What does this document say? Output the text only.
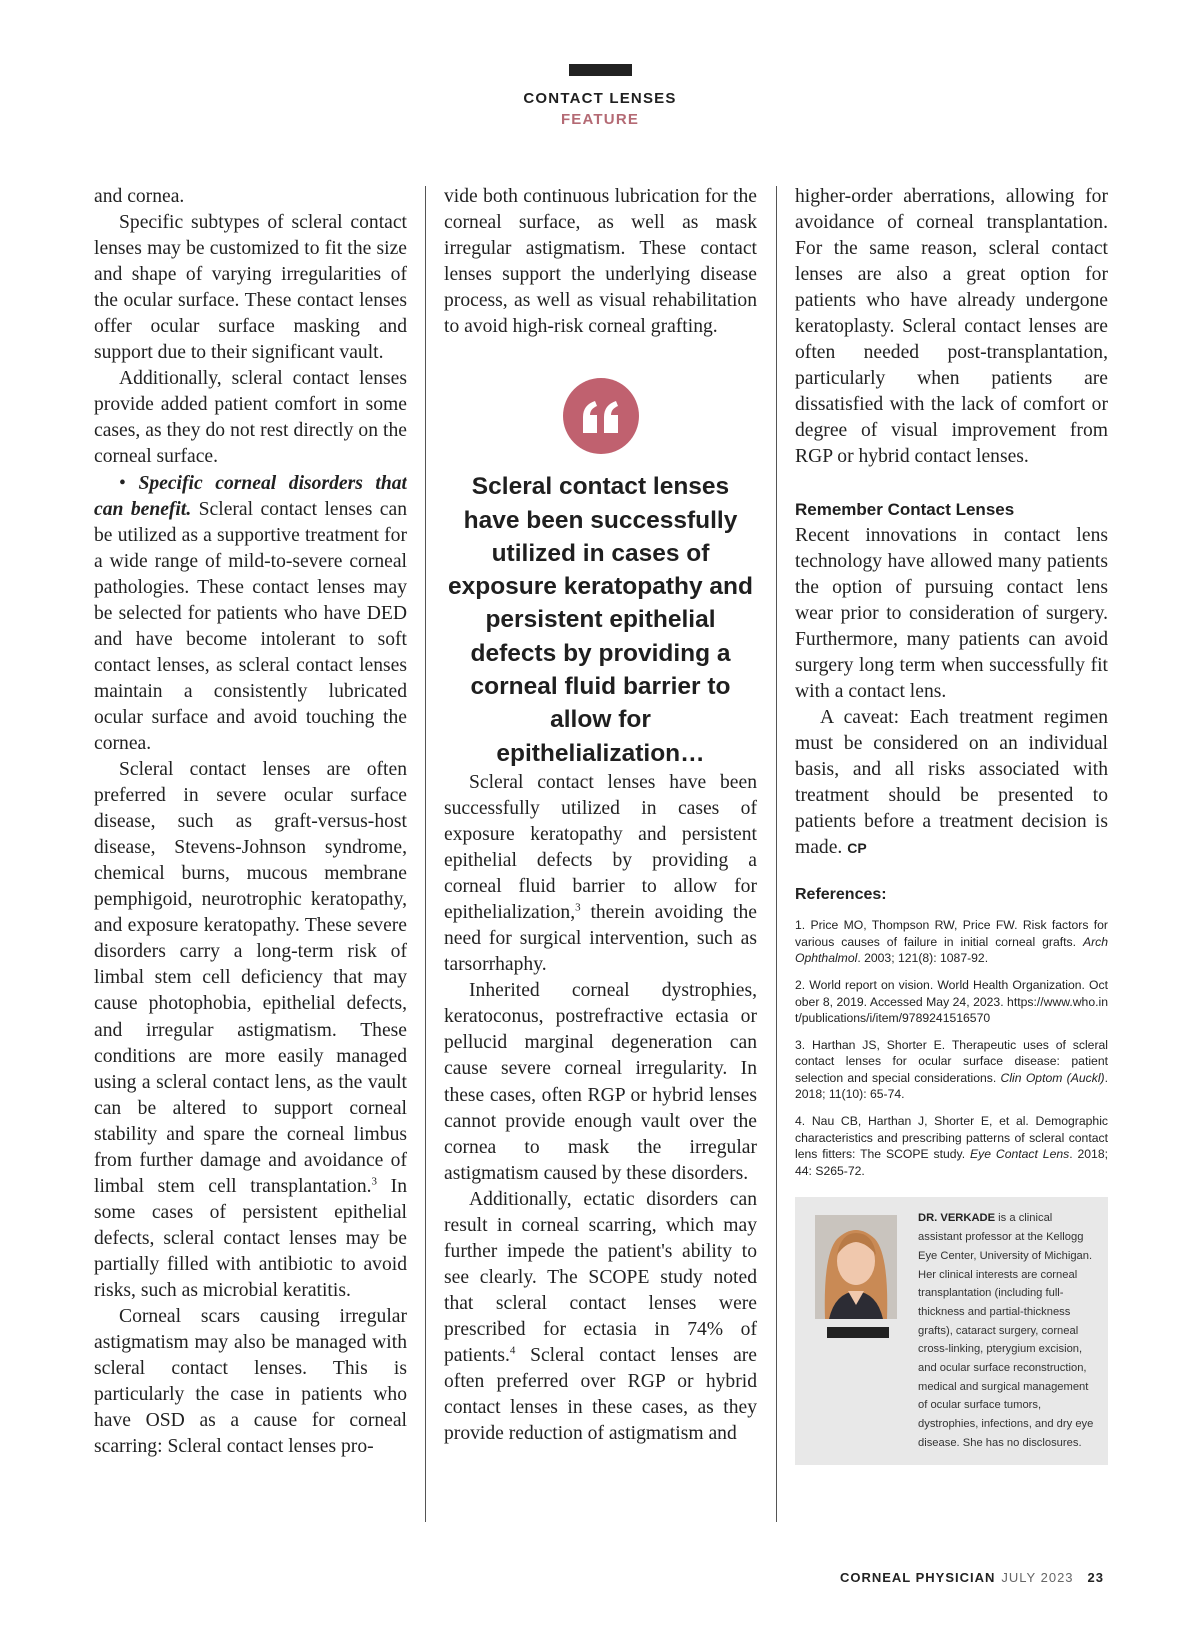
CONTACT LENSES
FEATURE

and cornea.

Specific subtypes of scleral contact lenses may be customized to fit the size and shape of varying irregularities of the ocular surface. These contact lenses offer ocular surface masking and support due to their significant vault.

Additionally, scleral contact lenses provide added patient comfort in some cases, as they do not rest directly on the corneal surface.

• Specific corneal disorders that can benefit. Scleral contact lenses can be utilized as a supportive treatment for a wide range of mild-to-severe corneal pathologies. These contact lenses may be selected for patients who have DED and have become intolerant to soft contact lenses, as scleral contact lenses maintain a consistently lubricated ocular surface and avoid touching the cornea.

Scleral contact lenses are often preferred in severe ocular surface disease, such as graft-versus-host disease, Stevens-Johnson syndrome, chemical burns, mucous membrane pemphigoid, neurotrophic keratopathy, and exposure keratopathy. These severe disorders carry a long-term risk of limbal stem cell deficiency that may cause photophobia, epithelial defects, and irregular astigmatism. These conditions are more easily managed using a scleral contact lens, as the vault can be altered to support corneal stability and spare the corneal limbus from further damage and avoidance of limbal stem cell transplantation.$^3$ In some cases of persistent epithelial defects, scleral contact lenses may be partially filled with antibiotic to avoid risks, such as microbial keratitis.

Corneal scars causing irregular astigmatism may also be managed with scleral contact lenses. This is particularly the case in patients who have OSD as a cause for corneal scarring: Scleral contact lenses pro-

vide both continuous lubrication for the corneal surface, as well as mask irregular astigmatism. These contact lenses support the underlying disease process, as well as visual rehabilitation to avoid high-risk corneal grafting.

Scleral contact lenses have been successfully utilized in cases of exposure keratopathy and persistent epithelial defects by providing a corneal fluid barrier to allow for epithelialization…

Scleral contact lenses have been successfully utilized in cases of exposure keratopathy and persistent epithelial defects by providing a corneal fluid barrier to allow for epithelialization,$^3$ therein avoiding the need for surgical intervention, such as tarsorrhaphy.

Inherited corneal dystrophies, keratoconus, postrefractive ectasia or pellucid marginal degeneration can cause severe corneal irregularity. In these cases, often RGP or hybrid lenses cannot provide enough vault over the cornea to mask the irregular astigmatism caused by these disorders.

Additionally, ectatic disorders can result in corneal scarring, which may further impede the patient's ability to see clearly. The SCOPE study noted that scleral contact lenses were prescribed for ectasia in 74% of patients.$^4$ Scleral contact lenses are often preferred over RGP or hybrid contact lenses in these cases, as they provide reduction of astigmatism and

higher-order aberrations, allowing for avoidance of corneal transplantation. For the same reason, scleral contact lenses are also a great option for patients who have already undergone keratoplasty. Scleral contact lenses are often needed post-transplantation, particularly when patients are dissatisfied with the lack of comfort or degree of visual improvement from RGP or hybrid contact lenses.

Remember Contact Lenses

Recent innovations in contact lens technology have allowed many patients the option of pursuing contact lens wear prior to consideration of surgery. Furthermore, many patients can avoid surgery long term when successfully fit with a contact lens.

A caveat: Each treatment regimen must be considered on an individual basis, and all risks associated with treatment should be presented to patients before a treatment decision is made. CP

References:

1. Price MO, Thompson RW, Price FW. Risk factors for various causes of failure in initial corneal grafts. Arch Ophthalmol. 2003; 121(8): 1087-92.

2. World report on vision. World Health Organization. October 8, 2019. Accessed May 24, 2023. https://www.who.int/publications/i/item/9789241516570

3. Harthan JS, Shorter E. Therapeutic uses of scleral contact lenses for ocular surface disease: patient selection and special considerations. Clin Optom (Auckl). 2018; 11(10): 65-74.

4. Nau CB, Harthan J, Shorter E, et al. Demographic characteristics and prescribing patterns of scleral contact lens fitters: The SCOPE study. Eye Contact Lens. 2018; 44: S265-72.

DR. VERKADE is a clinical assistant professor at the Kellogg Eye Center, University of Michigan. Her clinical interests are corneal transplantation (including full-thickness and partial-thickness grafts), cataract surgery, corneal cross-linking, pterygium excision, and ocular surface reconstruction, medical and surgical management of ocular surface tumors, dystrophies, infections, and dry eye disease. She has no disclosures.
CORNEAL PHYSICIAN JULY 2023 23
